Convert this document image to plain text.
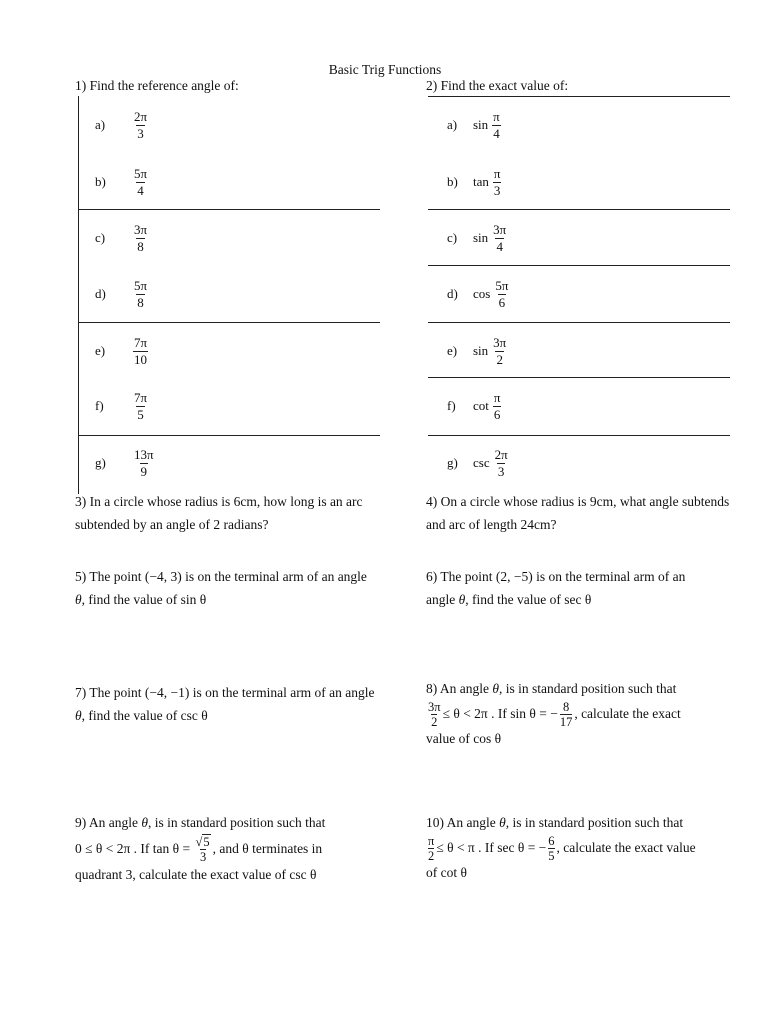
Basic Trig Functions
1) Find the reference angle of:	2) Find the exact value of:
a)	$\frac{2\pi}{3}$
b)	$\frac{5\pi}{4}$
c)	$\frac{3\pi}{8}$
d)	$\frac{5\pi}{8}$
e)	$\frac{7\pi}{10}$
f)	$\frac{7\pi}{5}$
g)	$\frac{13\pi}{9}$
a)	$\sin \frac{\pi}{4}$
b)	$\tan \frac{\pi}{3}$
c)	$\sin \frac{3\pi}{4}$
d)	$\cos \frac{5\pi}{6}$
e)	$\sin \frac{3\pi}{2}$
f)	$\cot \frac{\pi}{6}$
g)	$\csc \frac{2\pi}{3}$
3) In a circle whose radius is 6cm, how long is an arc subtended by an angle of 2 radians?
4) On a circle whose radius is 9cm, what angle subtends and arc of length 24cm?
5) The point (−4, 3) is on the terminal arm of an angle
θ, find the value of sin θ
6) The point (2, −5) is on the terminal arm of an
angle θ, find the value of sec θ
7) The point (−4, −1) is on the terminal arm of an angle
θ, find the value of csc θ
8) An angle θ, is in standard position such that
$\frac{3\pi}{2} \le \theta < 2\pi$ . If sin θ = − $\frac{8}{17}$ , calculate the exact
value of cos θ
9) An angle θ, is in standard position such that
0 ≤ θ < 2π . If $\tan \theta = \frac{√5}{3}$ , and θ terminates in
quadrant 3, calculate the exact value of csc θ
10) An angle θ, is in standard position such that
$\frac{\pi}{2} \le \theta < \pi$ . If sec θ = − $\frac{6}{5}$ , calculate the exact value
of cot θ
